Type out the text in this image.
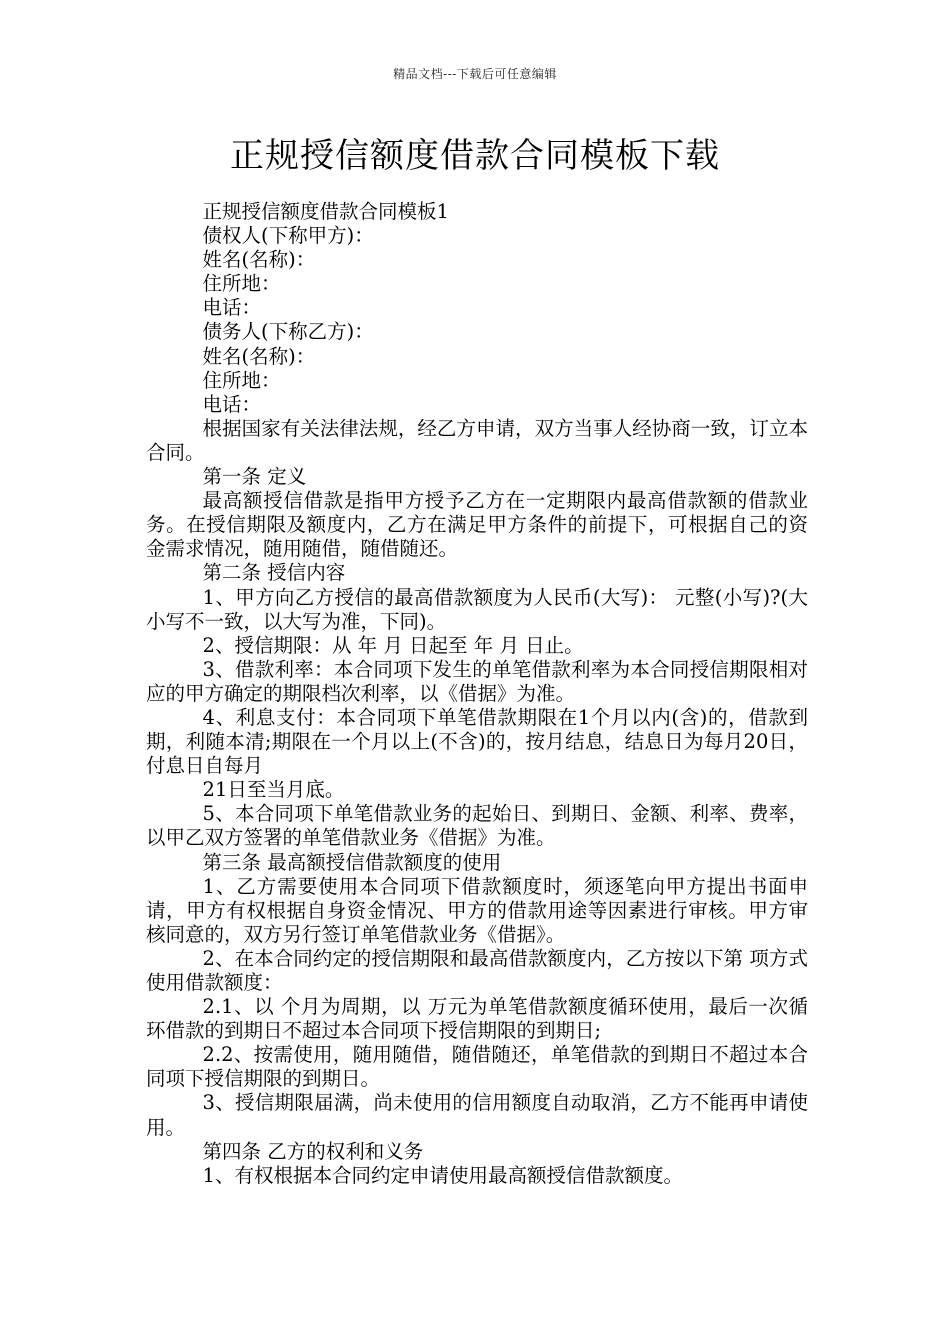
精品文档---下载后可任意编辑
正规授信额度借款合同模板下载

正规授信额度借款合同模板1

债权人(下称甲方)：

姓名(名称)：

住所地：

电话：

债务人(下称乙方)：

姓名(名称)：

住所地：

电话：

根据国家有关法律法规，经乙方申请，双方当事人经协商一致，订立本合同。

第一条 定义

最高额授信借款是指甲方授予乙方在一定期限内最高借款额的借款业务。在授信期限及额度内，乙方在满足甲方条件的前提下，可根据自己的资金需求情况，随用随借，随借随还。

第二条 授信内容

1、甲方向乙方授信的最高借款额度为人民币(大写)： 元整(小写)?(大小写不一致，以大写为准，下同)。

2、授信期限：从 年 月 日起至 年 月 日止。

3、借款利率：本合同项下发生的单笔借款利率为本合同授信期限相对应的甲方确定的期限档次利率，以《借据》为准。

4、利息支付：本合同项下单笔借款期限在1个月以内(含)的，借款到期，利随本清;期限在一个月以上(不含)的，按月结息，结息日为每月20日，付息日自每月

21日至当月底。

5、本合同项下单笔借款业务的起始日、到期日、金额、利率、费率，以甲乙双方签署的单笔借款业务《借据》为准。

第三条 最高额授信借款额度的使用

1、乙方需要使用本合同项下借款额度时，须逐笔向甲方提出书面申请，甲方有权根据自身资金情况、甲方的借款用途等因素进行审核。甲方审核同意的，双方另行签订单笔借款业务《借据》。

2、在本合同约定的授信期限和最高借款额度内，乙方按以下第 项方式使用借款额度：

2.1、以 个月为周期，以 万元为单笔借款额度循环使用，最后一次循环借款的到期日不超过本合同项下授信期限的到期日;

2.2、按需使用，随用随借，随借随还，单笔借款的到期日不超过本合同项下授信期限的到期日。

3、授信期限届满，尚未使用的信用额度自动取消，乙方不能再申请使用。

第四条 乙方的权利和义务

1、有权根据本合同约定申请使用最高额授信借款额度。
